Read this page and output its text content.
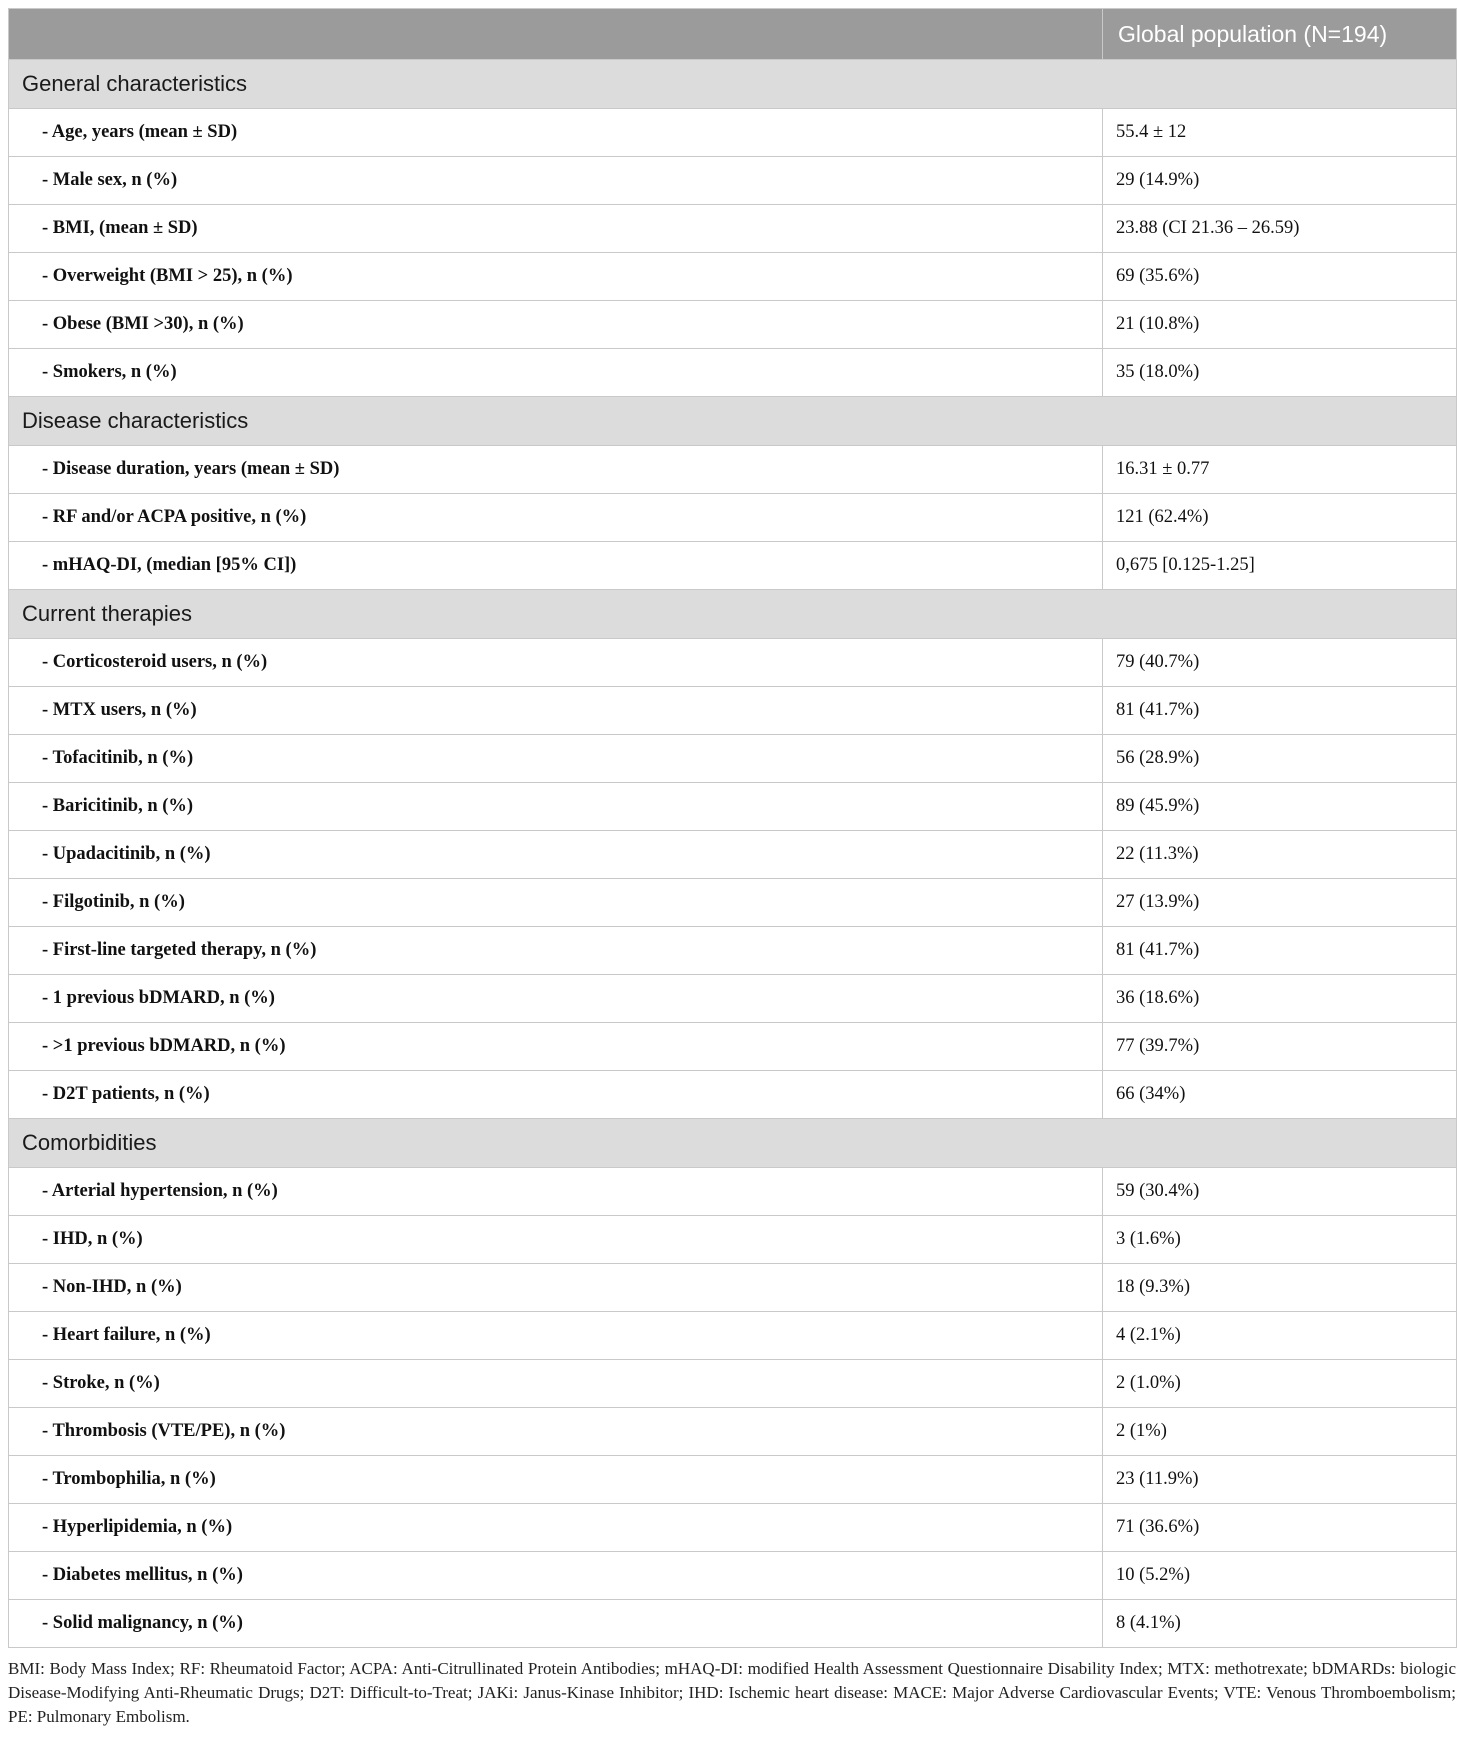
	Global population (N=194)
General characteristics	
- Age, years (mean ± SD)	55.4 ± 12
- Male sex, n (%)	29 (14.9%)
- BMI, (mean ± SD)	23.88 (CI 21.36 – 26.59)
- Overweight (BMI > 25), n (%)	69 (35.6%)
- Obese (BMI >30), n (%)	21 (10.8%)
- Smokers, n (%)	35 (18.0%)
Disease characteristics	
- Disease duration, years (mean ± SD)	16.31 ± 0.77
- RF and/or ACPA positive, n (%)	121 (62.4%)
- mHAQ-DI, (median [95% CI])	0,675 [0.125-1.25]
Current therapies	
- Corticosteroid users, n (%)	79 (40.7%)
- MTX users, n (%)	81 (41.7%)
- Tofacitinib, n (%)	56 (28.9%)
- Baricitinib, n (%)	89 (45.9%)
- Upadacitinib, n (%)	22 (11.3%)
- Filgotinib, n (%)	27 (13.9%)
- First-line targeted therapy, n (%)	81 (41.7%)
- 1 previous bDMARD, n (%)	36 (18.6%)
- >1 previous bDMARD, n (%)	77 (39.7%)
- D2T patients, n (%)	66 (34%)
Comorbidities	
- Arterial hypertension, n (%)	59 (30.4%)
- IHD, n (%)	3 (1.6%)
- Non-IHD, n (%)	18 (9.3%)
- Heart failure, n (%)	4 (2.1%)
- Stroke, n (%)	2 (1.0%)
- Thrombosis (VTE/PE), n (%)	2 (1%)
- Trombophilia, n (%)	23 (11.9%)
- Hyperlipidemia, n (%)	71 (36.6%)
- Diabetes mellitus, n (%)	10 (5.2%)
- Solid malignancy, n (%)	8 (4.1%)
BMI: Body Mass Index; RF: Rheumatoid Factor; ACPA: Anti-Citrullinated Protein Antibodies; mHAQ-DI: modified Health Assessment Questionnaire Disability Index; MTX: methotrexate; bDMARDs: biologic Disease-Modifying Anti-Rheumatic Drugs; D2T: Difficult-to-Treat; JAKi: Janus-Kinase Inhibitor; IHD: Ischemic heart disease: MACE: Major Adverse Cardiovascular Events; VTE: Venous Thromboembolism; PE: Pulmonary Embolism.
